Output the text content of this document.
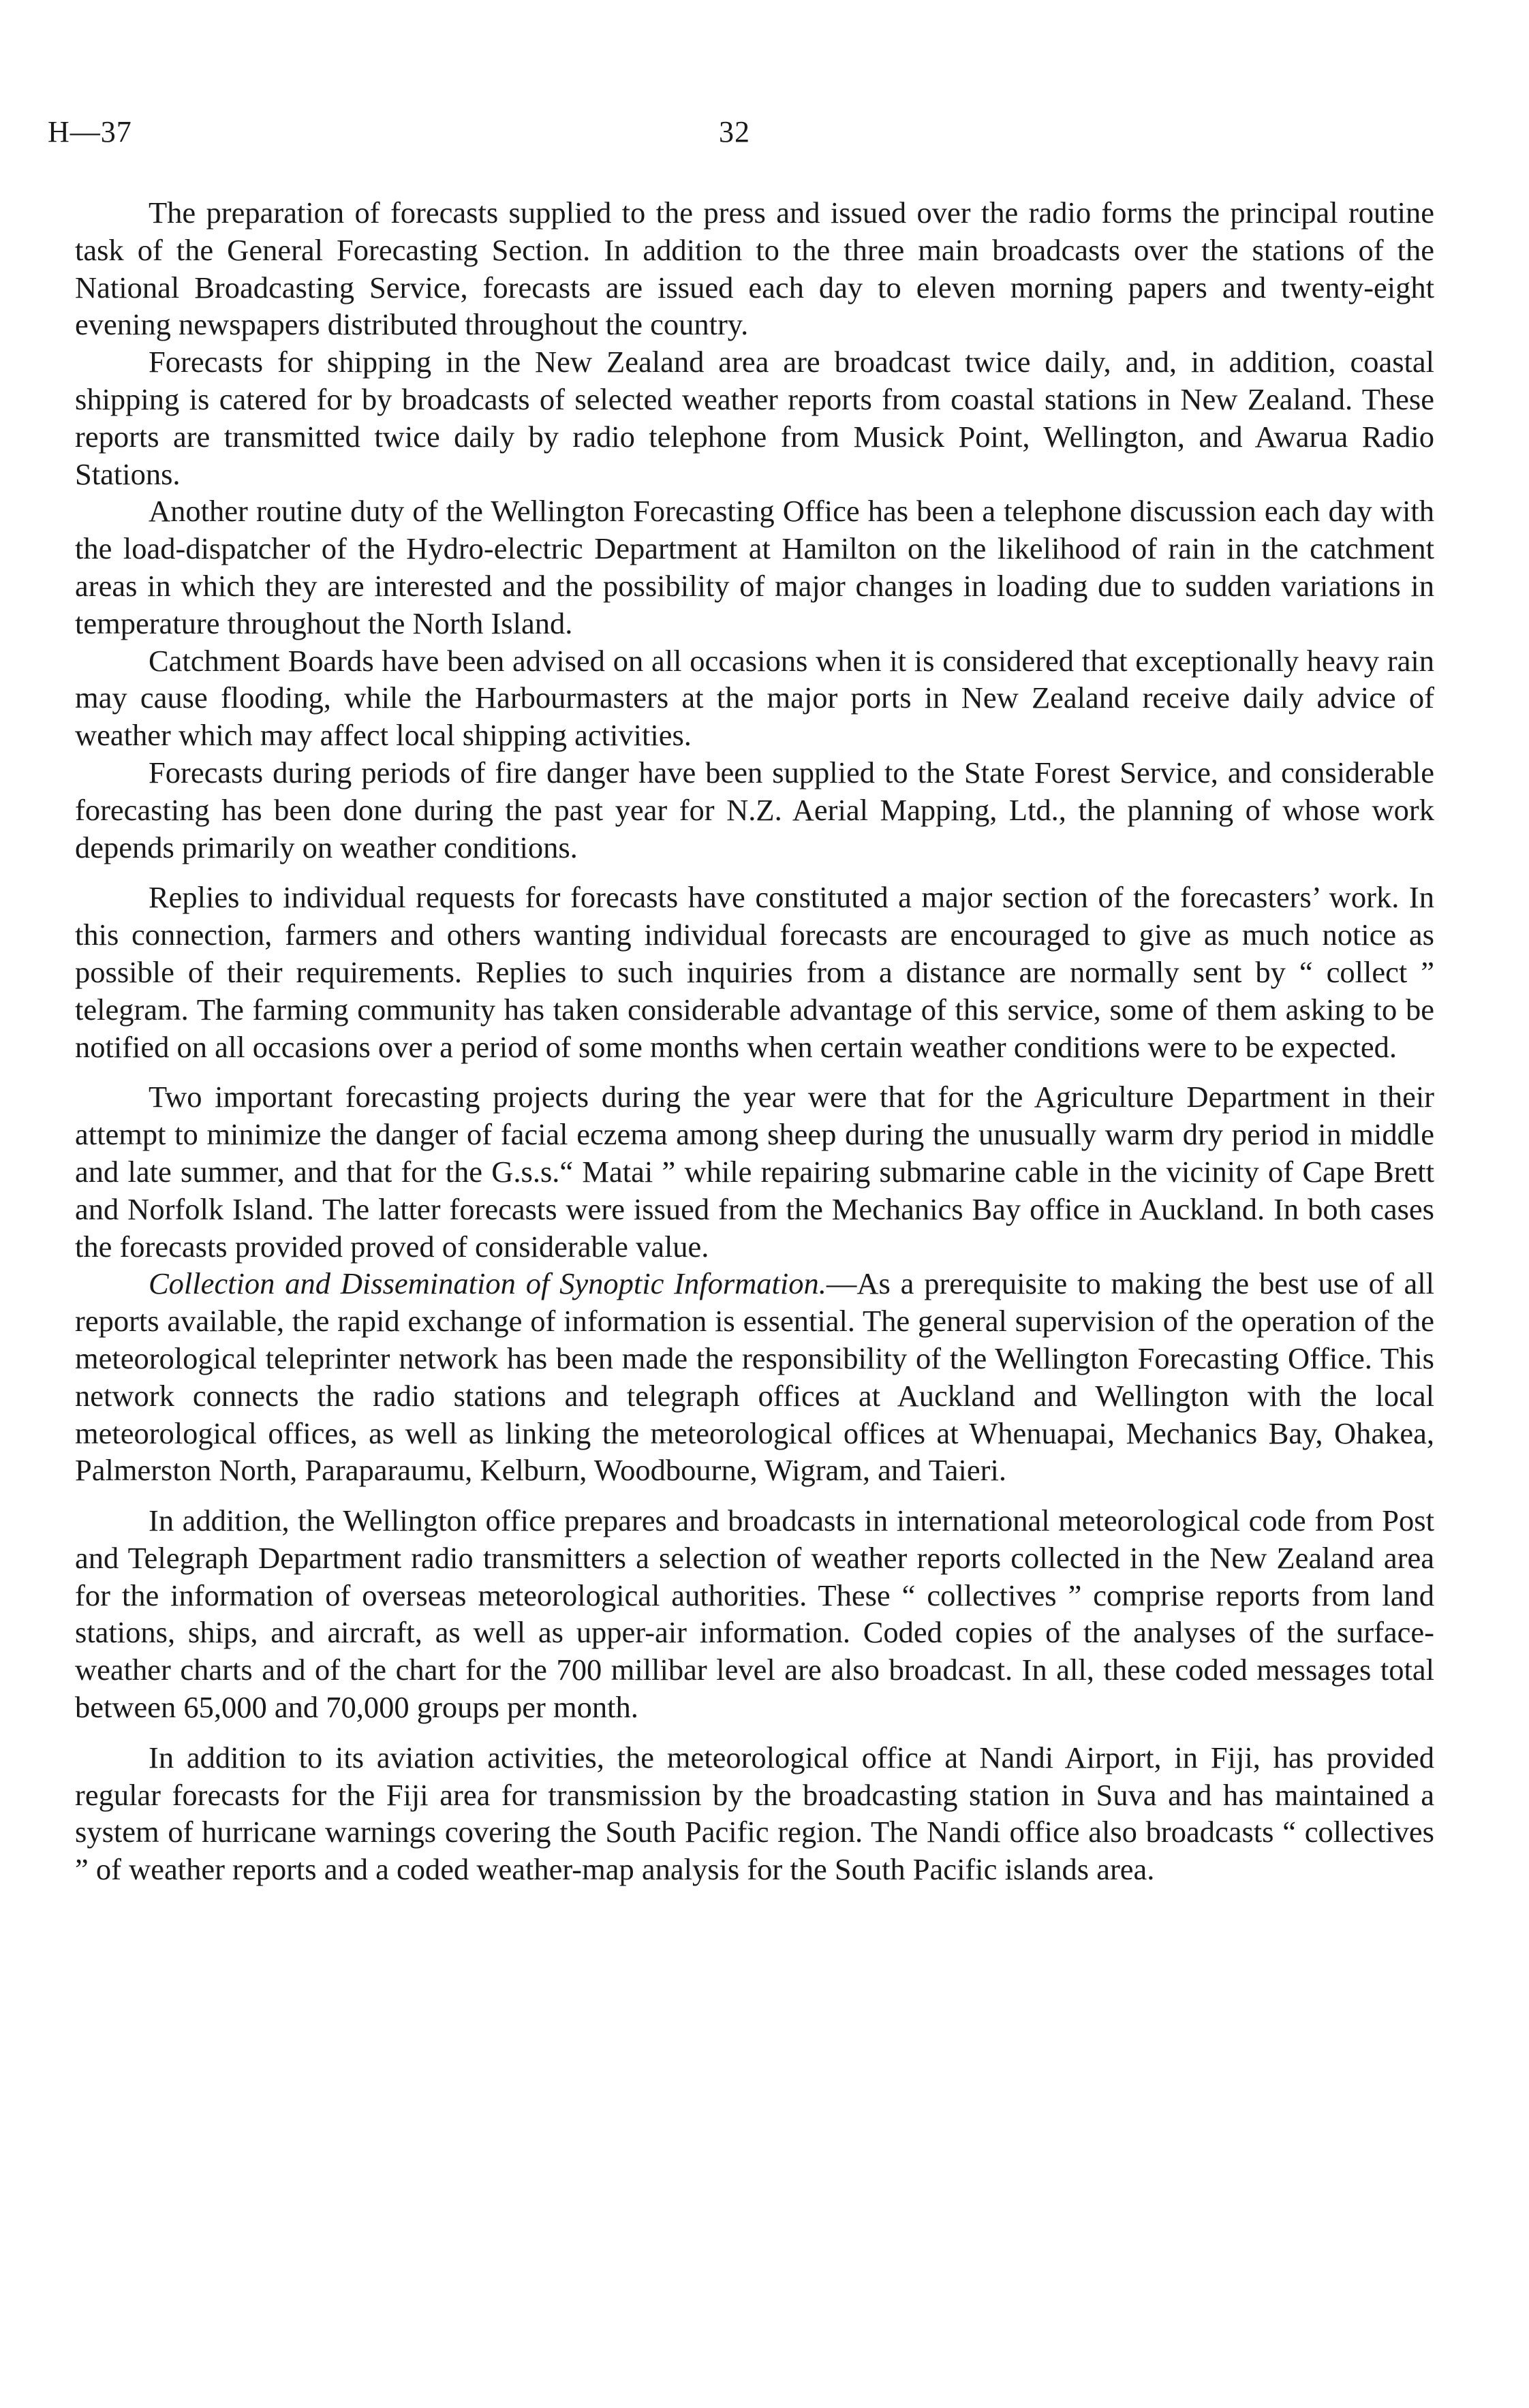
H—37	32

The preparation of forecasts supplied to the press and issued over the radio forms the principal routine task of the General Forecasting Section. In addition to the three main broadcasts over the stations of the National Broadcasting Service, forecasts are issued each day to eleven morning papers and twenty-eight evening newspapers distributed throughout the country.

Forecasts for shipping in the New Zealand area are broadcast twice daily, and, in addition, coastal shipping is catered for by broadcasts of selected weather reports from coastal stations in New Zealand. These reports are transmitted twice daily by radio telephone from Musick Point, Wellington, and Awarua Radio Stations.

Another routine duty of the Wellington Forecasting Office has been a telephone discussion each day with the load-dispatcher of the Hydro-electric Department at Hamilton on the likelihood of rain in the catchment areas in which they are interested and the possibility of major changes in loading due to sudden variations in temperature throughout the North Island.

Catchment Boards have been advised on all occasions when it is considered that exceptionally heavy rain may cause flooding, while the Harbourmasters at the major ports in New Zealand receive daily advice of weather which may affect local shipping activities.

Forecasts during periods of fire danger have been supplied to the State Forest Service, and considerable forecasting has been done during the past year for N.Z. Aerial Mapping, Ltd., the planning of whose work depends primarily on weather conditions.

Replies to individual requests for forecasts have constituted a major section of the forecasters’ work. In this connection, farmers and others wanting individual forecasts are encouraged to give as much notice as possible of their requirements. Replies to such inquiries from a distance are normally sent by “ collect ” telegram. The farming community has taken considerable advantage of this service, some of them asking to be notified on all occasions over a period of some months when certain weather conditions were to be expected.

Two important forecasting projects during the year were that for the Agriculture Department in their attempt to minimize the danger of facial eczema among sheep during the unusually warm dry period in middle and late summer, and that for the G.s.s.“ Matai ” while repairing submarine cable in the vicinity of Cape Brett and Norfolk Island. The latter forecasts were issued from the Mechanics Bay office in Auckland. In both cases the forecasts provided proved of considerable value.

Collection and Dissemination of Synoptic Information.—As a prerequisite to making the best use of all reports available, the rapid exchange of information is essential. The general supervision of the operation of the meteorological teleprinter network has been made the responsibility of the Wellington Forecasting Office. This network connects the radio stations and telegraph offices at Auckland and Wellington with the local meteorological offices, as well as linking the meteorological offices at Whenuapai, Mechanics Bay, Ohakea, Palmerston North, Paraparaumu, Kelburn, Woodbourne, Wigram, and Taieri.

In addition, the Wellington office prepares and broadcasts in international meteorological code from Post and Telegraph Department radio transmitters a selection of weather reports collected in the New Zealand area for the information of overseas meteorological authorities. These “ collectives ” comprise reports from land stations, ships, and aircraft, as well as upper-air information. Coded copies of the analyses of the surface-weather charts and of the chart for the 700 millibar level are also broadcast. In all, these coded messages total between 65,000 and 70,000 groups per month.

In addition to its aviation activities, the meteorological office at Nandi Airport, in Fiji, has provided regular forecasts for the Fiji area for transmission by the broadcasting station in Suva and has maintained a system of hurricane warnings covering the South Pacific region. The Nandi office also broadcasts “ collectives ” of weather reports and a coded weather-map analysis for the South Pacific islands area.
